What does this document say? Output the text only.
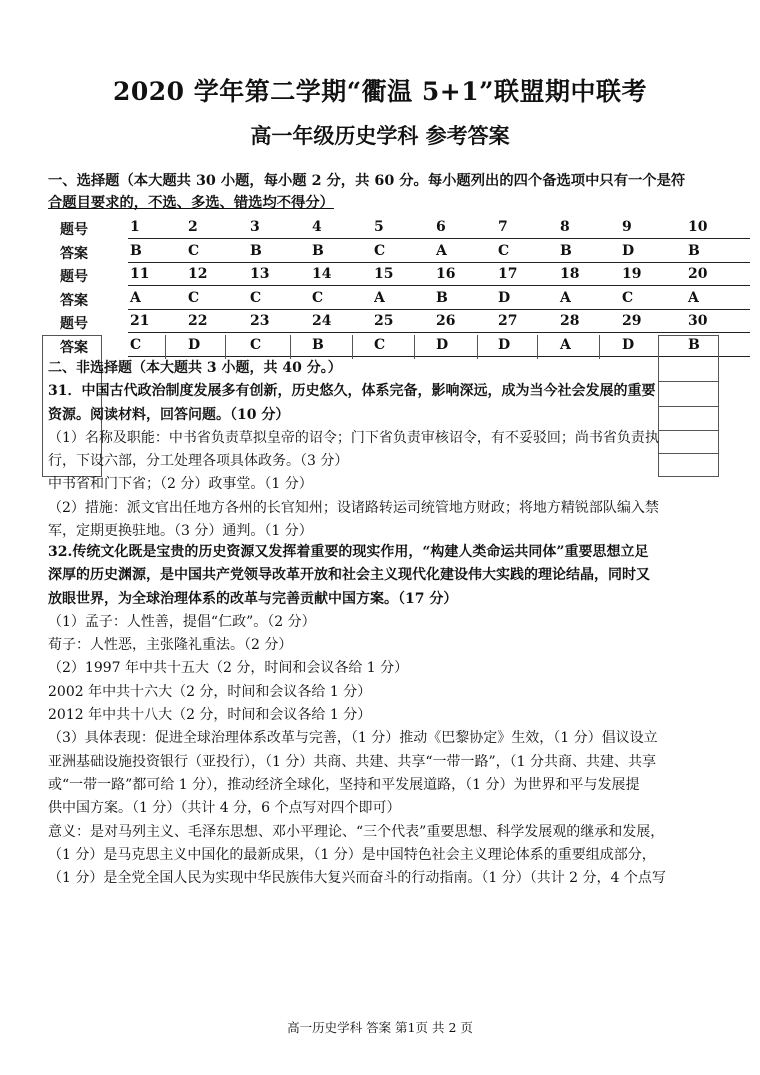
2020 学年第二学期“衢温 5+1”联盟期中联考
高一年级历史学科 参考答案
一、选择题（本大题共 30 小题，每小题 2 分，共 60 分。每小题列出的四个备选项中只有一个是符
合题目要求的，不选、多选、错选均不得分）
题号	1	2	3	4	5	6	7	8	9	10
答案	B	C	B	B	C	A	C	B	D	B
题号	11	12	13	14	15	16	17	18	19	20
答案	A	C	C	C	A	B	D	A	C	A
题号	21	22	23	24	25	26	27	28	29	30
答案	C	D	C	B	C	D	D	A	D	B

二、非选择题（本大题共 3 小题，共 40 分。）

31．中国古代政治制度发展多有创新，历史悠久，体系完备，影响深远，成为当今社会发展的重要

资源。阅读材料，回答问题。（10 分）

（1）名称及职能：中书省负责草拟皇帝的诏令；门下省负责审核诏令，有不妥驳回；尚书省负责执

行，下设六部，分工处理各项具体政务。（3 分）

中书省和门下省；（2 分）政事堂。（1 分）

（2）措施：派文官出任地方各州的长官知州；设诸路转运司统管地方财政；将地方精锐部队编入禁

军，定期更换驻地。（3 分）通判。（1 分）

32.传统文化既是宝贵的历史资源又发挥着重要的现实作用，“构建人类命运共同体”重要思想立足

深厚的历史渊源，是中国共产党领导改革开放和社会主义现代化建设伟大实践的理论结晶，同时又

放眼世界，为全球治理体系的改革与完善贡献中国方案。（17 分）

（1）孟子：人性善，提倡“仁政”。（2 分）

荀子：人性恶，主张隆礼重法。（2 分）

（2）1997 年中共十五大（2 分，时间和会议各给 1 分）

2002 年中共十六大（2 分，时间和会议各给 1 分）

2012 年中共十八大（2 分，时间和会议各给 1 分）

（3）具体表现：促进全球治理体系改革与完善，（1 分）推动《巴黎协定》生效，（1 分）倡议设立

亚洲基础设施投资银行（亚投行），（1 分）共商、共建、共享“一带一路”，（1 分共商、共建、共享

或“一带一路”都可给 1 分），推动经济全球化，坚持和平发展道路，（1 分）为世界和平与发展提

供中国方案。（1 分）（共计 4 分，6 个点写对四个即可）

意义：是对马列主义、毛泽东思想、邓小平理论、“三个代表”重要思想、科学发展观的继承和发展，

（1 分）是马克思主义中国化的最新成果，（1 分）是中国特色社会主义理论体系的重要组成部分，

（1 分）是全党全国人民为实现中华民族伟大复兴而奋斗的行动指南。（1 分）（共计 2 分，4 个点写

高一历史学科 答案 第1页 共 2 页
